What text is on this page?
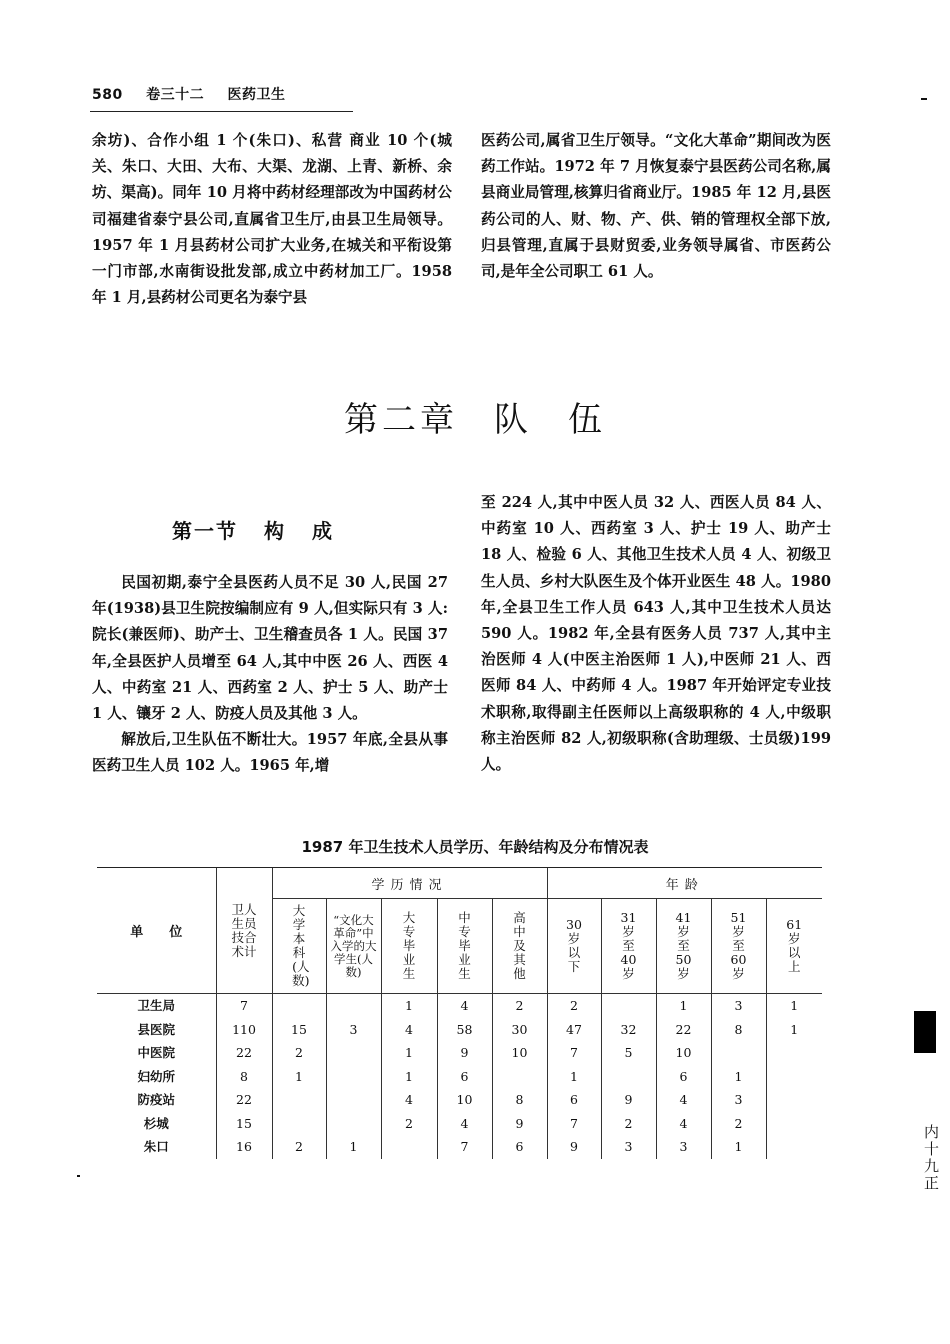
580 卷三十二 医药卫生

余坊)、合作小组 1 个(朱口)、私营 商业 10 个(城关、朱口、大田、大布、大渠、龙湖、上青、新桥、余坊、渠高)。同年 10 月将中药材经理部改为中国药材公司福建省泰宁县公司,直属省卫生厅,由县卫生局领导。1957 年 1 月县药材公司扩大业务,在城关和平衔设第一门市部,水南街设批发部,成立中药材加工厂。1958 年 1 月,县药材公司更名为泰宁县

医药公司,属省卫生厅领导。“文化大革命”期间改为医药工作站。1972 年 7 月恢复泰宁县医药公司名称,属县商业局管理,核算归省商业厅。1985 年 12 月,县医药公司的人、财、物、产、供、销的管理权全部下放,归县管理,直属于县财贸委,业务领导属省、市医药公司,是年全公司职工 61 人。

第二章 队 伍
第一节 构 成

民国初期,泰宁全县医药人员不足 30 人,民国 27 年(1938)县卫生院按编制应有 9 人,但实际只有 3 人:院长(兼医师)、助产士、卫生稽查员各 1 人。民国 37 年,全县医护人员增至 64 人,其中中医 26 人、西医 4 人、中药室 21 人、西药室 2 人、护士 5 人、助产士 1 人、镶牙 2 人、防疫人员及其他 3 人。

解放后,卫生队伍不断壮大。1957 年底,全县从事医药卫生人员 102 人。1965 年,增

至 224 人,其中中医人员 32 人、西医人员 84 人、中药室 10 人、西药室 3 人、护士 19 人、助产士 18 人、检验 6 人、其他卫生技术人员 4 人、初级卫生人员、乡村大队医生及个体开业医生 48 人。1980 年,全县卫生工作人员 643 人,其中卫生技术人员达 590 人。1982 年,全县有医务人员 737 人,其中主治医师 4 人(中医主治医师 1 人),中医师 21 人、西医师 84 人、中药师 4 人。1987 年开始评定专业技术职称,取得副主任医师以上高级职称的 4 人,中级职称主治医师 82 人,初级职称(含助理级、士员级)199 人。

1987 年卫生技术人员学历、年龄结构及分布情况表
单　　位	卫人生员技合术计	学历情况					年龄				
		大学本科(人数)	“文化大革命”中入学的大学生(人数)	大专毕业生	中专毕业生	高中及其他	30岁以下	31岁至40岁	41岁至50岁	51岁至60岁	61岁以上
卫生局	7			1	4	2	2		1	3	1
县医院	110	15	3	4	58	30	47	32	22	8	1
中医院	22	2		1	9	10	7	5	10		
妇幼所	8	1		1	6		1		6	1	
防疫站	22			4	10	8	6	9	4	3	
杉城	15			2	4	9	7	2	4	2	
朱口	16	2	1		7	6	9	3	3	1	
内十九正
